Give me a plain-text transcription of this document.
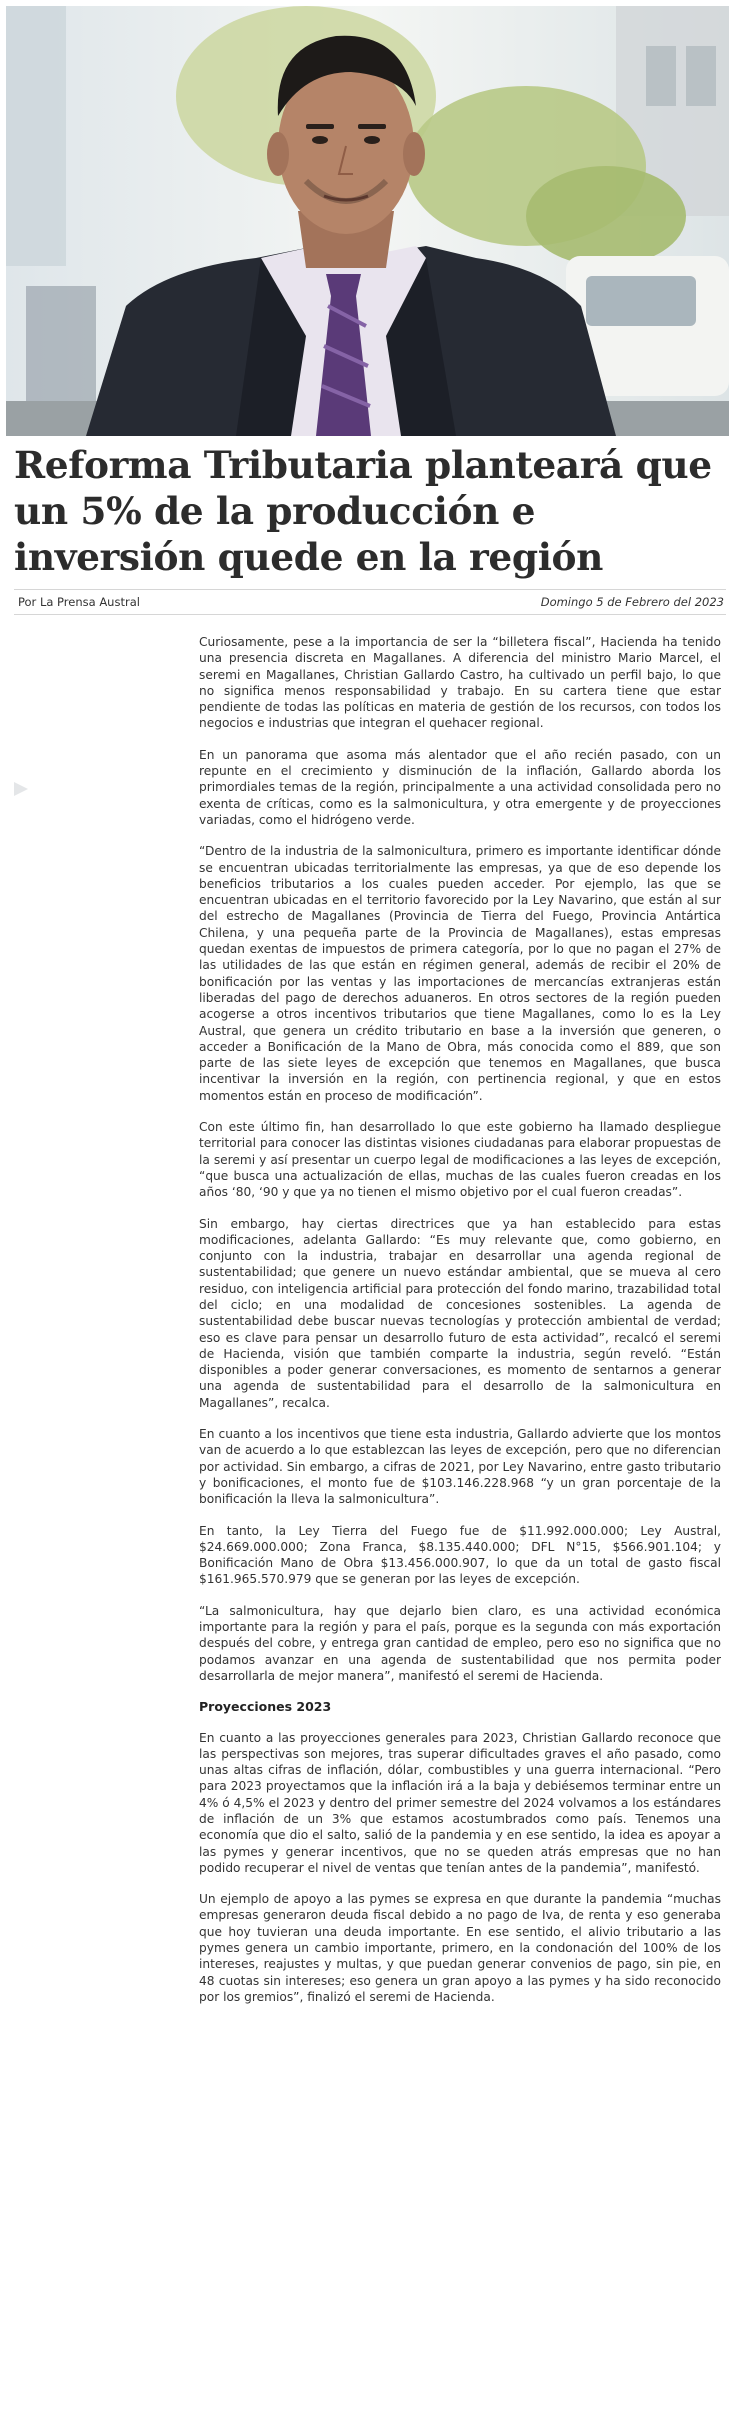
Reforma Tributaria planteará que un 5% de la producción e inversión quede en la región
Por La Prensa Austral	Domingo 5 de Febrero del 2023

Curiosamente, pese a la importancia de ser la “billetera fiscal”, Hacienda ha tenido una presencia discreta en Magallanes. A diferencia del ministro Mario Marcel, el seremi en Magallanes, Christian Gallardo Castro, ha cultivado un perfil bajo, lo que no significa menos responsabilidad y trabajo. En su cartera tiene que estar pendiente de todas las políticas en materia de gestión de los recursos, con todos los negocios e industrias que integran el quehacer regional.

En un panorama que asoma más alentador que el año recién pasado, con un repunte en el crecimiento y disminución de la inflación, Gallardo aborda los primordiales temas de la región, principalmente a una actividad consolidada pero no exenta de críticas, como es la salmonicultura, y otra emergente y de proyecciones variadas, como el hidrógeno verde.

“Dentro de la industria de la salmonicultura, primero es importante identificar dónde se encuentran ubicadas territorialmente las empresas, ya que de eso depende los beneficios tributarios a los cuales pueden acceder. Por ejemplo, las que se encuentran ubicadas en el territorio favorecido por la Ley Navarino, que están al sur del estrecho de Magallanes (Provincia de Tierra del Fuego, Provincia Antártica Chilena, y una pequeña parte de la Provincia de Magallanes), estas empresas quedan exentas de impuestos de primera categoría, por lo que no pagan el 27% de las utilidades de las que están en régimen general, además de recibir el 20% de bonificación por las ventas y las importaciones de mercancías extranjeras están liberadas del pago de derechos aduaneros. En otros sectores de la región pueden acogerse a otros incentivos tributarios que tiene Magallanes, como lo es la Ley Austral, que genera un crédito tributario en base a la inversión que generen, o acceder a Bonificación de la Mano de Obra, más conocida como el 889, que son parte de las siete leyes de excepción que tenemos en Magallanes, que busca incentivar la inversión en la región, con pertinencia regional, y que en estos momentos están en proceso de modificación”.

Con este último fin, han desarrollado lo que este gobierno ha llamado despliegue territorial para conocer las distintas visiones ciudadanas para elaborar propuestas de la seremi y así presentar un cuerpo legal de modificaciones a las leyes de excepción, “que busca una actualización de ellas, muchas de las cuales fueron creadas en los años ‘80, ‘90 y que ya no tienen el mismo objetivo por el cual fueron creadas”.

Sin embargo, hay ciertas directrices que ya han establecido para estas modificaciones, adelanta Gallardo: “Es muy relevante que, como gobierno, en conjunto con la industria, trabajar en desarrollar una agenda regional de sustentabilidad; que genere un nuevo estándar ambiental, que se mueva al cero residuo, con inteligencia artificial para protección del fondo marino, trazabilidad total del ciclo; en una modalidad de concesiones sostenibles. La agenda de sustentabilidad debe buscar nuevas tecnologías y protección ambiental de verdad; eso es clave para pensar un desarrollo futuro de esta actividad”, recalcó el seremi de Hacienda, visión que también comparte la industria, según reveló. “Están disponibles a poder generar conversaciones, es momento de sentarnos a generar una agenda de sustentabilidad para el desarrollo de la salmonicultura en Magallanes”, recalca.

En cuanto a los incentivos que tiene esta industria, Gallardo advierte que los montos van de acuerdo a lo que establezcan las leyes de excepción, pero que no diferencian por actividad. Sin embargo, a cifras de 2021, por Ley Navarino, entre gasto tributario y bonificaciones, el monto fue de $103.146.228.968 “y un gran porcentaje de la bonificación la lleva la salmonicultura”.

En tanto, la Ley Tierra del Fuego fue de $11.992.000.000; Ley Austral, $24.669.000.000; Zona Franca, $8.135.440.000; DFL N°15, $566.901.104; y Bonificación Mano de Obra $13.456.000.907, lo que da un total de gasto fiscal $161.965.570.979 que se generan por las leyes de excepción.

“La salmonicultura, hay que dejarlo bien claro, es una actividad económica importante para la región y para el país, porque es la segunda con más exportación después del cobre, y entrega gran cantidad de empleo, pero eso no significa que no podamos avanzar en una agenda de sustentabilidad que nos permita poder desarrollarla de mejor manera”, manifestó el seremi de Hacienda.

Proyecciones 2023

En cuanto a las proyecciones generales para 2023, Christian Gallardo reconoce que las perspectivas son mejores, tras superar dificultades graves el año pasado, como unas altas cifras de inflación, dólar, combustibles y una guerra internacional. “Pero para 2023 proyectamos que la inflación irá a la baja y debiésemos terminar entre un 4% ó 4,5% el 2023 y dentro del primer semestre del 2024 volvamos a los estándares de inflación de un 3% que estamos acostumbrados como país. Tenemos una economía que dio el salto, salió de la pandemia y en ese sentido, la idea es apoyar a las pymes y generar incentivos, que no se queden atrás empresas que no han podido recuperar el nivel de ventas que tenían antes de la pandemia”, manifestó.

Un ejemplo de apoyo a las pymes se expresa en que durante la pandemia “muchas empresas generaron deuda fiscal debido a no pago de Iva, de renta y eso generaba que hoy tuvieran una deuda importante. En ese sentido, el alivio tributario a las pymes genera un cambio importante, primero, en la condonación del 100% de los intereses, reajustes y multas, y que puedan generar convenios de pago, sin pie, en 48 cuotas sin intereses; eso genera un gran apoyo a las pymes y ha sido reconocido por los gremios”, finalizó el seremi de Hacienda.
